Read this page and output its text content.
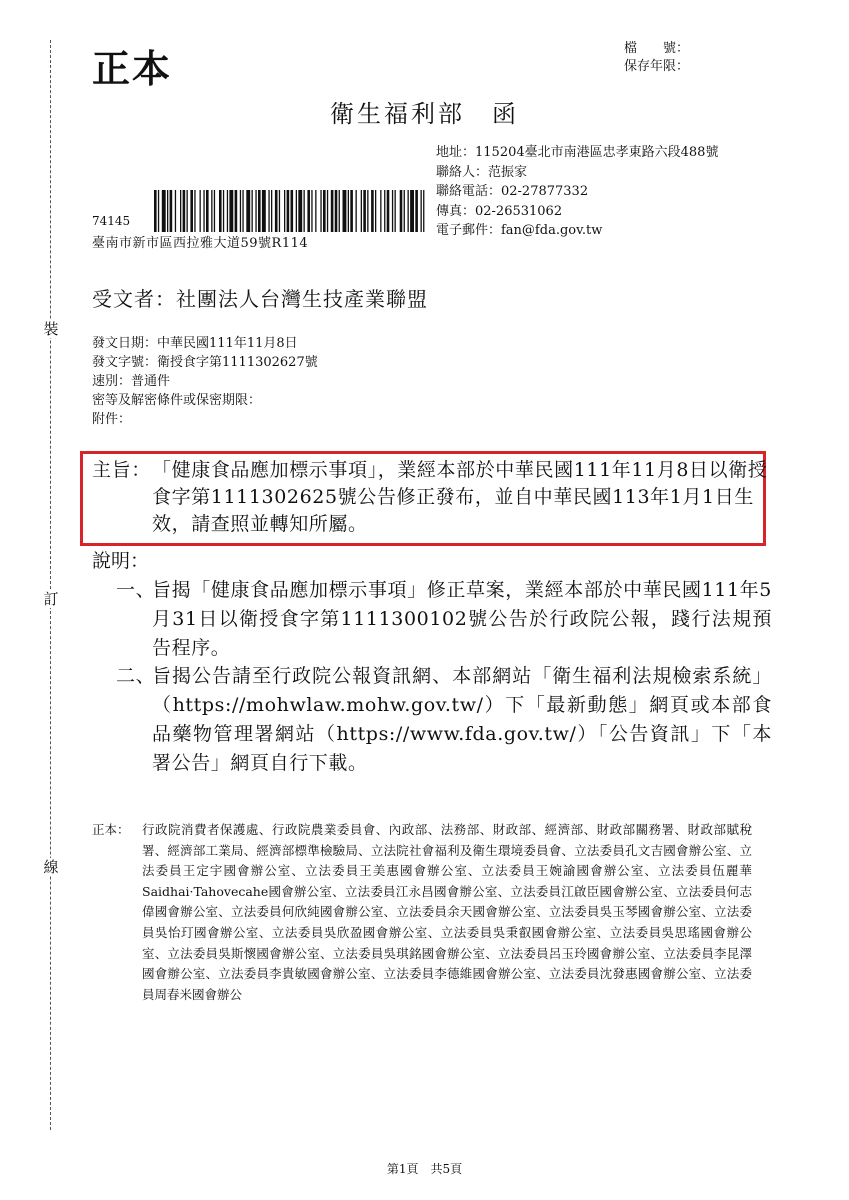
裝
訂
線
正本	檔　　號：
保存年限：
衛生福利部　函
地址：115204臺北市南港區忠孝東路六段488號
聯絡人：范振家
聯絡電話：02-27877332
傳真：02-26531062
電子郵件：fan@fda.gov.tw
74145
臺南市新市區西拉雅大道59號R114
受文者：社團法人台灣生技產業聯盟
發文日期：中華民國111年11月8日
發文字號：衛授食字第1111302627號
速別：普通件
密等及解密條件或保密期限：
附件：
主旨： 「健康食品應加標示事項」，業經本部於中華民國111年11月8日以衛授食字第1111302625號公告修正發布，並自中華民國113年1月1日生效，請查照並轉知所屬。
說明：
一、
旨揭「健康食品應加標示事項」修正草案，業經本部於中華民國111年5月31日以衛授食字第1111300102號公告於行政院公報，踐行法規預告程序。
二、
旨揭公告請至行政院公報資訊網、本部網站「衛生福利法規檢索系統」（https://mohwlaw.mohw.gov.tw/）下「最新動態」網頁或本部食品藥物管理署網站（https://www.fda.gov.tw/）「公告資訊」下「本署公告」網頁自行下載。
正本： 行政院消費者保護處、行政院農業委員會、內政部、法務部、財政部、經濟部、財政部關務署、財政部賦稅署、經濟部工業局、經濟部標準檢驗局、立法院社會福利及衛生環境委員會、立法委員孔文吉國會辦公室、立法委員王定宇國會辦公室、立法委員王美惠國會辦公室、立法委員王婉諭國會辦公室、立法委員伍麗華Saidhai·Tahovecahe國會辦公室、立法委員江永昌國會辦公室、立法委員江啟臣國會辦公室、立法委員何志偉國會辦公室、立法委員何欣純國會辦公室、立法委員余天國會辦公室、立法委員吳玉琴國會辦公室、立法委員吳怡玎國會辦公室、立法委員吳欣盈國會辦公室、立法委員吳秉叡國會辦公室、立法委員吳思瑤國會辦公室、立法委員吳斯懷國會辦公室、立法委員吳琪銘國會辦公室、立法委員呂玉玲國會辦公室、立法委員李昆澤國會辦公室、立法委員李貴敏國會辦公室、立法委員李德維國會辦公室、立法委員沈發惠國會辦公室、立法委員周春米國會辦公
第1頁　共5頁
